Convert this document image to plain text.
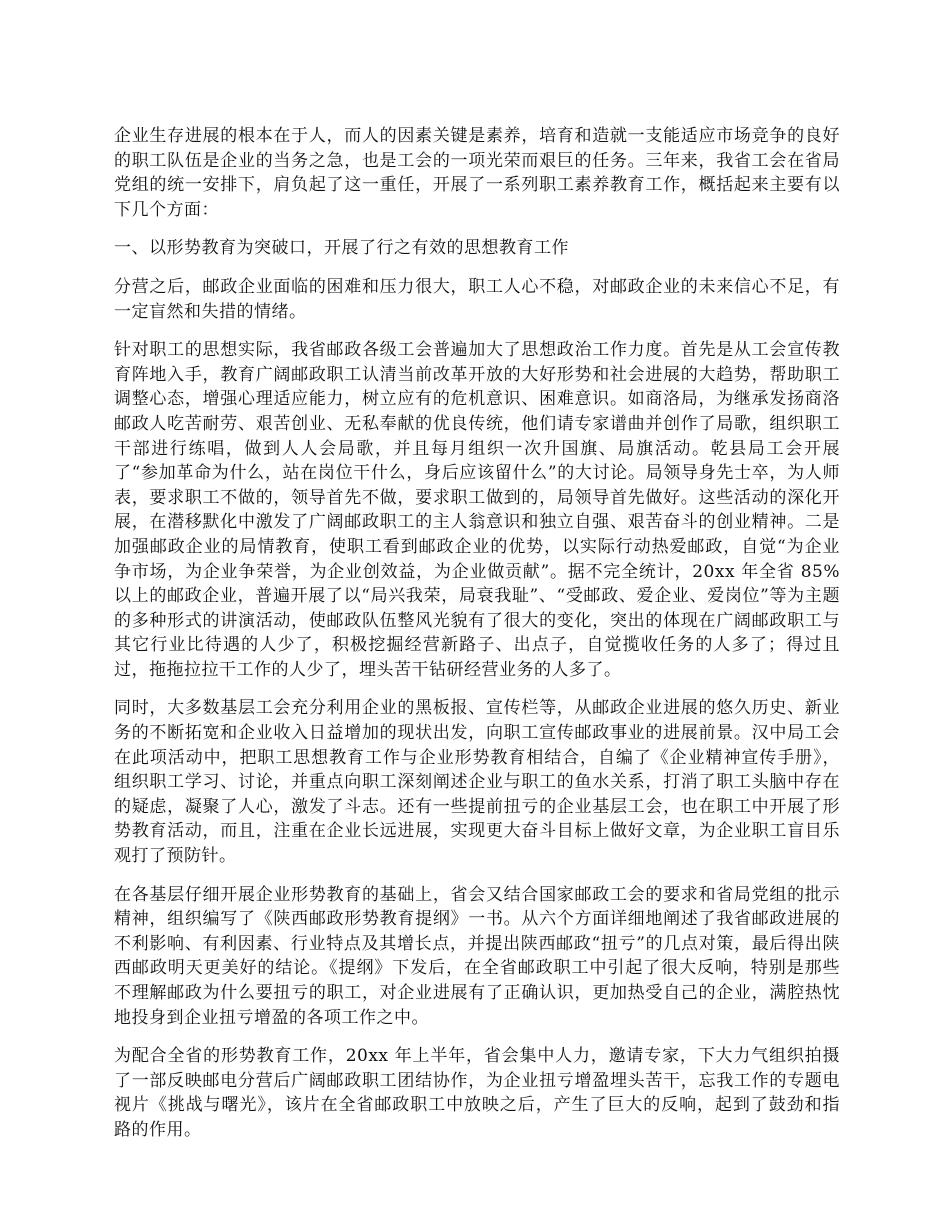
企业生存进展的根本在于人，而人的因素关键是素养，培育和造就一支能适应市场竞争的良好的职工队伍是企业的当务之急，也是工会的一项光荣而艰巨的任务。三年来，我省工会在省局党组的统一安排下，肩负起了这一重任，开展了一系列职工素养教育工作，概括起来主要有以下几个方面：

一、以形势教育为突破口，开展了行之有效的思想教育工作

分营之后，邮政企业面临的困难和压力很大，职工人心不稳，对邮政企业的未来信心不足，有一定盲然和失措的情绪。

针对职工的思想实际，我省邮政各级工会普遍加大了思想政治工作力度。首先是从工会宣传教育阵地入手，教育广阔邮政职工认清当前改革开放的大好形势和社会进展的大趋势，帮助职工调整心态，增强心理适应能力，树立应有的危机意识、困难意识。如商洛局，为继承发扬商洛邮政人吃苦耐劳、艰苦创业、无私奉献的优良传统，他们请专家谱曲并创作了局歌，组织职工干部进行练唱，做到人人会局歌，并且每月组织一次升国旗、局旗活动。乾县局工会开展了“参加革命为什么，站在岗位干什么，身后应该留什么”的大讨论。局领导身先士卒，为人师表，要求职工不做的，领导首先不做，要求职工做到的，局领导首先做好。这些活动的深化开展，在潜移默化中激发了广阔邮政职工的主人翁意识和独立自强、艰苦奋斗的创业精神。二是加强邮政企业的局情教育，使职工看到邮政企业的优势，以实际行动热爱邮政，自觉“为企业争市场，为企业争荣誉，为企业创效益，为企业做贡献”。据不完全统计，20xx 年全省 85%以上的邮政企业，普遍开展了以“局兴我荣，局衰我耻”、“受邮政、爱企业、爱岗位”等为主题的多种形式的讲演活动，使邮政队伍整风光貌有了很大的变化，突出的体现在广阔邮政职工与其它行业比待遇的人少了，积极挖掘经营新路子、出点子，自觉揽收任务的人多了；得过且过，拖拖拉拉干工作的人少了，埋头苦干钻研经营业务的人多了。

同时，大多数基层工会充分利用企业的黑板报、宣传栏等，从邮政企业进展的悠久历史、新业务的不断拓宽和企业收入日益增加的现状出发，向职工宣传邮政事业的进展前景。汉中局工会在此项活动中，把职工思想教育工作与企业形势教育相结合，自编了《企业精神宣传手册》，组织职工学习、讨论，并重点向职工深刻阐述企业与职工的鱼水关系，打消了职工头脑中存在的疑虑，凝聚了人心，激发了斗志。还有一些提前扭亏的企业基层工会，也在职工中开展了形势教育活动，而且，注重在企业长远进展，实现更大奋斗目标上做好文章，为企业职工盲目乐观打了预防针。

在各基层仔细开展企业形势教育的基础上，省会又结合国家邮政工会的要求和省局党组的批示精神，组织编写了《陕西邮政形势教育提纲》一书。从六个方面详细地阐述了我省邮政进展的不利影响、有利因素、行业特点及其增长点，并提出陕西邮政“扭亏”的几点对策，最后得出陕西邮政明天更美好的结论。《提纲》下发后，在全省邮政职工中引起了很大反响，特别是那些不理解邮政为什么要扭亏的职工，对企业进展有了正确认识，更加热受自己的企业，满腔热忱地投身到企业扭亏增盈的各项工作之中。

为配合全省的形势教育工作，20xx 年上半年，省会集中人力，邀请专家，下大力气组织拍摄了一部反映邮电分营后广阔邮政职工团结协作，为企业扭亏增盈埋头苦干，忘我工作的专题电视片《挑战与曙光》，该片在全省邮政职工中放映之后，产生了巨大的反响，起到了鼓劲和指路的作用。
